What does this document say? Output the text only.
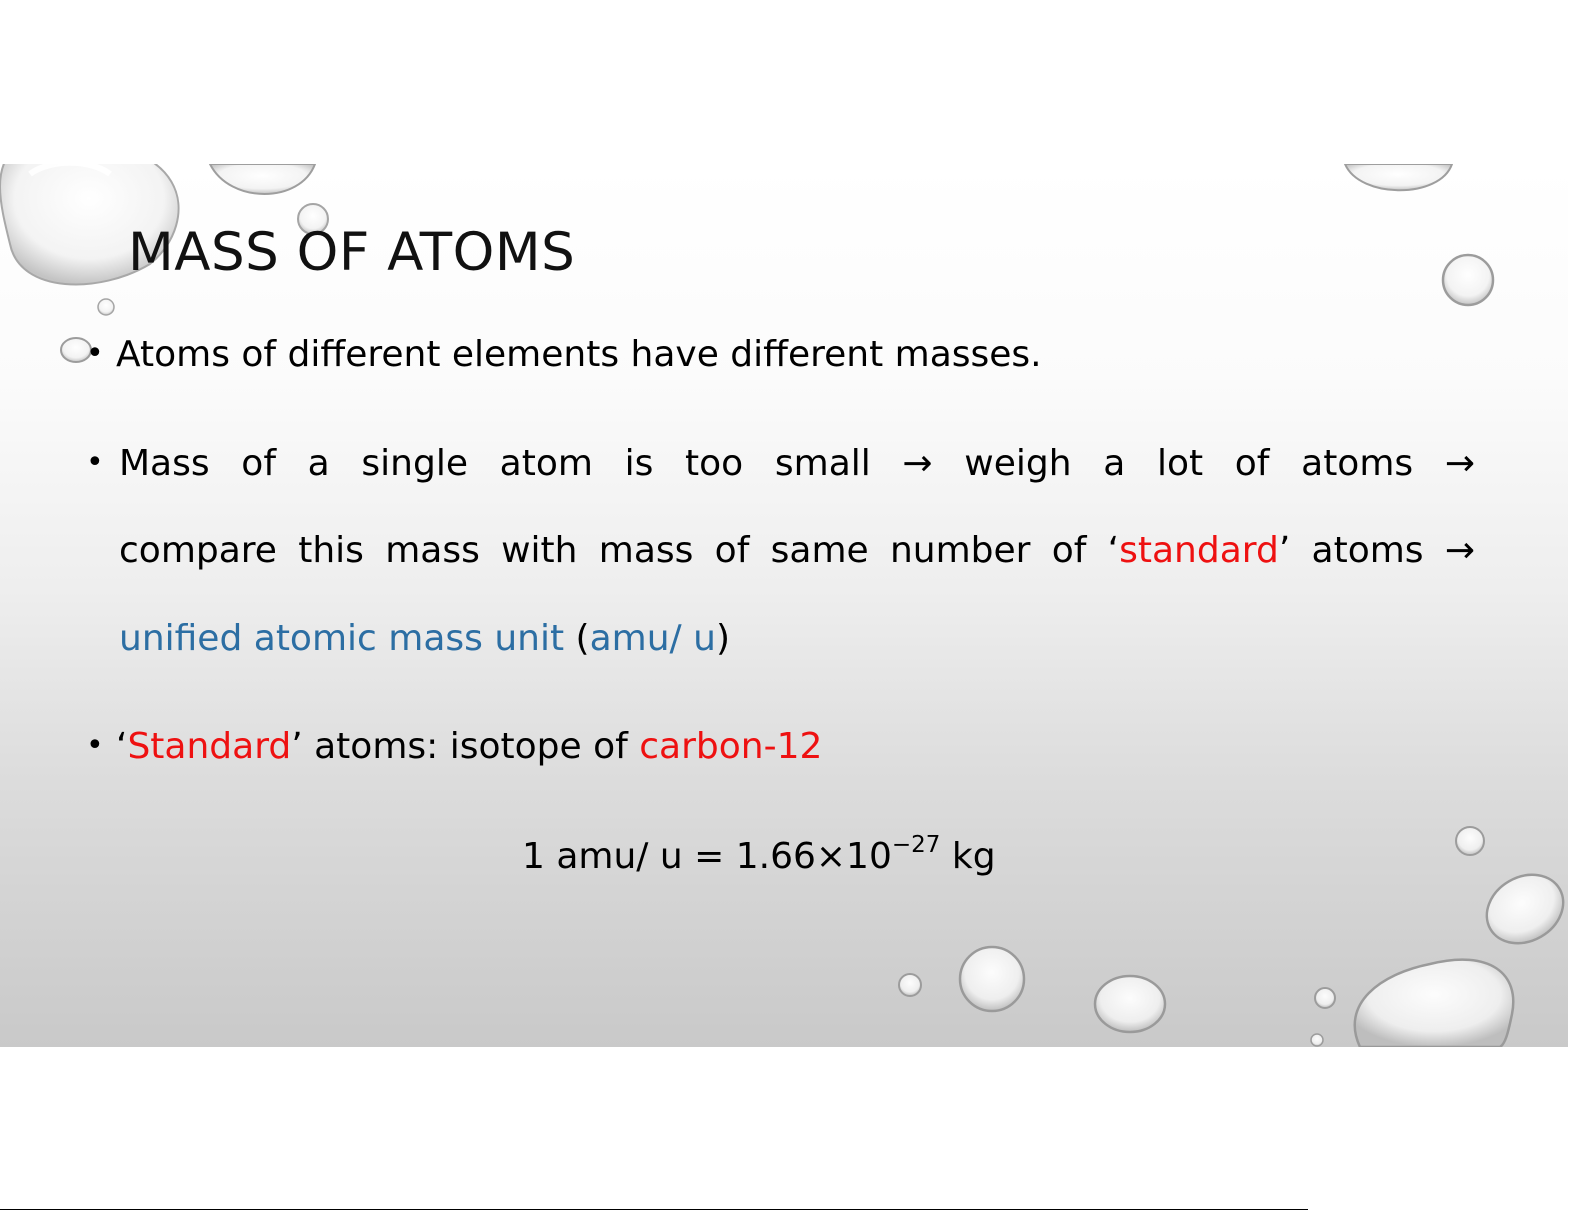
MASS OF ATOMS
• Atoms of different elements have different masses.
• Mass of a single atom is too small → weigh a lot of atoms →
compare this mass with mass of same number of ‘standard’ atoms →
unified atomic mass unit (amu/ u)
• ‘Standard’ atoms: isotope of carbon-12
1 amu/ $u = 1.66\times 10^{-27}$ kg
